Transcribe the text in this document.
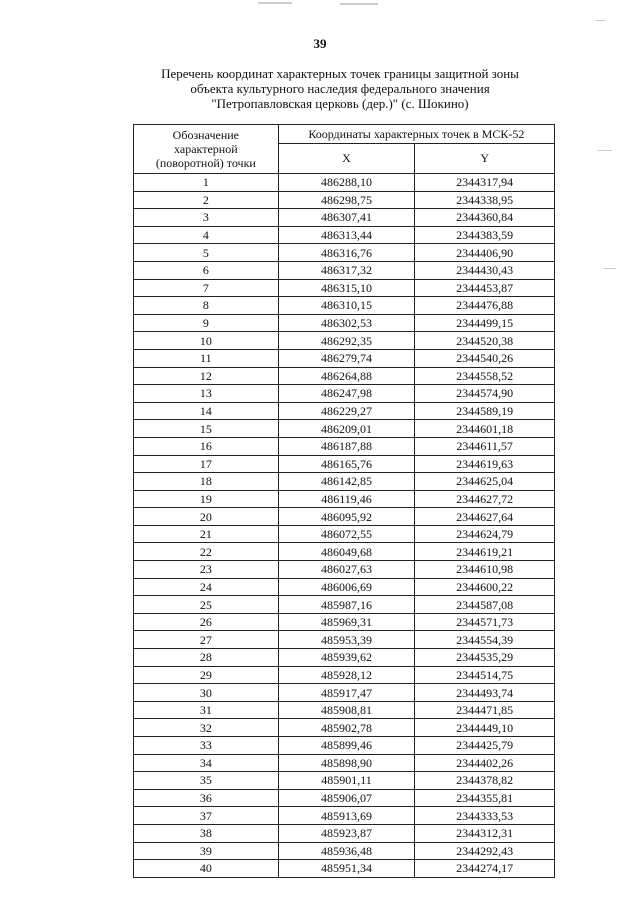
39
Перечень координат характерных точек границы защитной зоны
объекта культурного наследия федерального значения
"Петропавловская церковь (дер.)" (с. Шокино)
Обозначение
характерной
(поворотной) точки	Координаты характерных точек в МСК-52	
	X	Y
1	486288,10	2344317,94
2	486298,75	2344338,95
3	486307,41	2344360,84
4	486313,44	2344383,59
5	486316,76	2344406,90
6	486317,32	2344430,43
7	486315,10	2344453,87
8	486310,15	2344476,88
9	486302,53	2344499,15
10	486292,35	2344520,38
11	486279,74	2344540,26
12	486264,88	2344558,52
13	486247,98	2344574,90
14	486229,27	2344589,19
15	486209,01	2344601,18
16	486187,88	2344611,57
17	486165,76	2344619,63
18	486142,85	2344625,04
19	486119,46	2344627,72
20	486095,92	2344627,64
21	486072,55	2344624,79
22	486049,68	2344619,21
23	486027,63	2344610,98
24	486006,69	2344600,22
25	485987,16	2344587,08
26	485969,31	2344571,73
27	485953,39	2344554,39
28	485939,62	2344535,29
29	485928,12	2344514,75
30	485917,47	2344493,74
31	485908,81	2344471,85
32	485902,78	2344449,10
33	485899,46	2344425,79
34	485898,90	2344402,26
35	485901,11	2344378,82
36	485906,07	2344355,81
37	485913,69	2344333,53
38	485923,87	2344312,31
39	485936,48	2344292,43
40	485951,34	2344274,17
